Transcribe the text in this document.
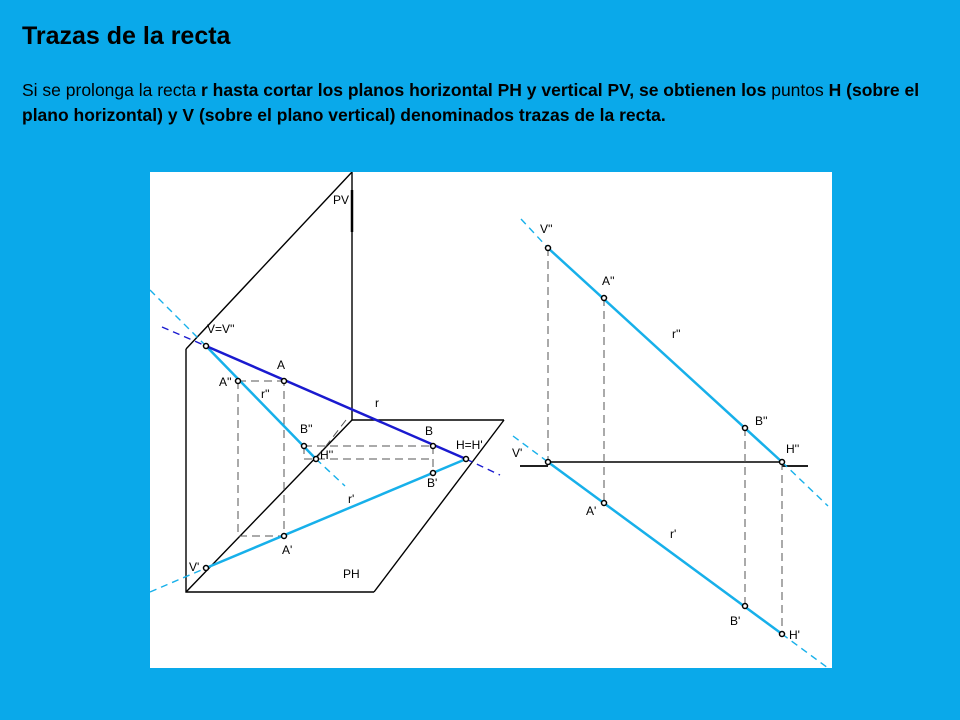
Trazas de la recta

Si se prolonga la recta r hasta cortar los planos horizontal PH y vertical PV, se obtienen los puntos H (sobre el plano horizontal) y V (sobre el plano vertical) denominados trazas de la recta.

PV
PH
V=V''
A
A''
r''
r
B''
H''
B
H=H'
B'
r'
A'
V'
V''
A''
r''
B''
H''
V'
A'
r'
B'
H'
